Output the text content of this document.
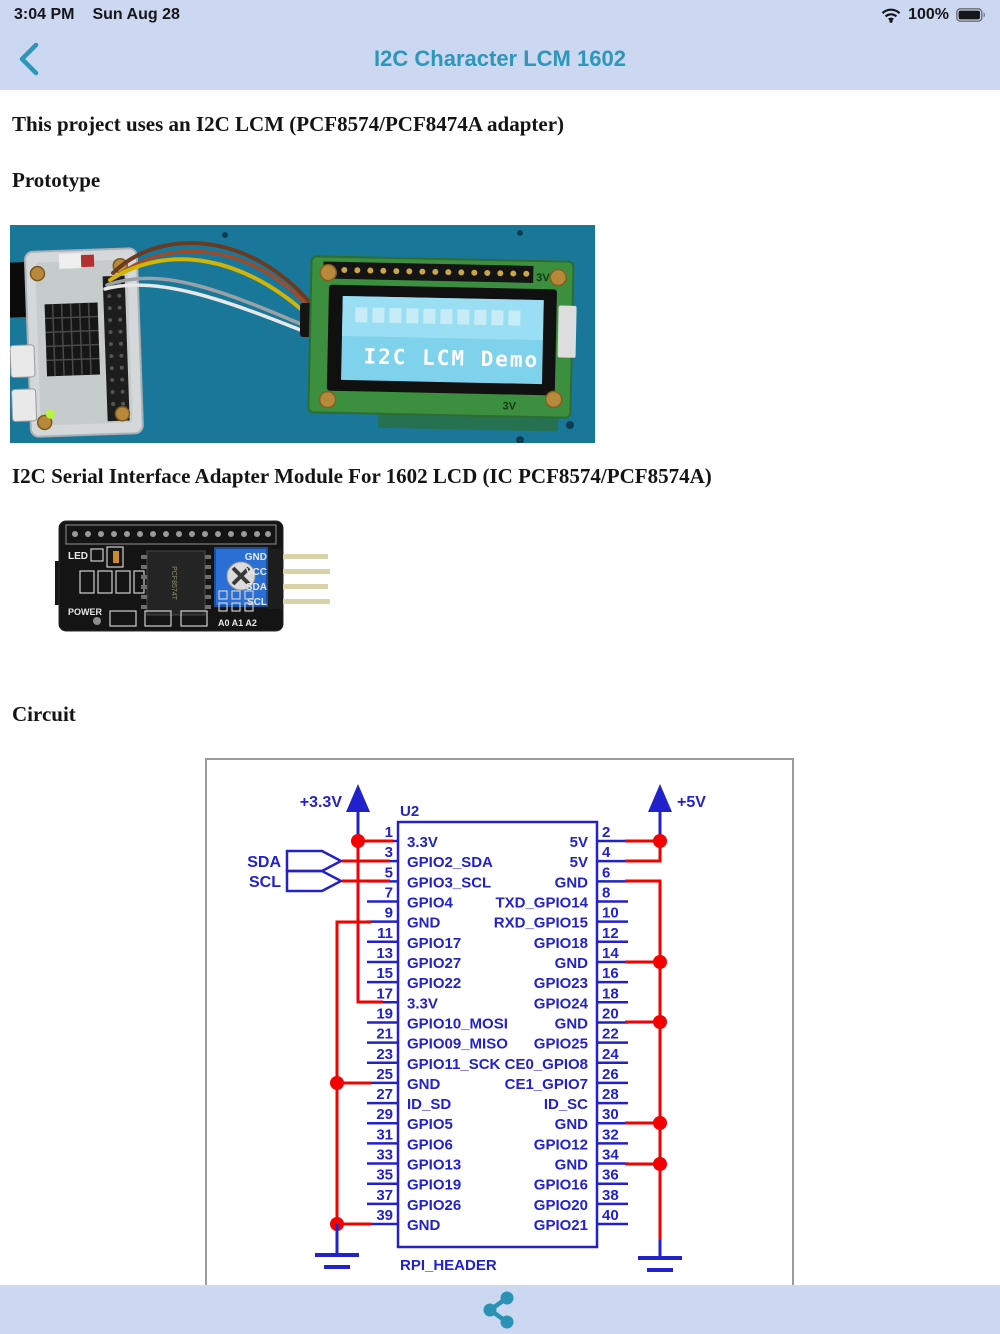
3:04 PM Sun Aug 28	100%
I2C Character LCM 1602
This project uses an I2C LCM (PCF8574/PCF8474A adapter)
Prototype
I2C Serial Interface Adapter Module For 1602 LCD (IC PCF8574/PCF8574A)
Circuit
I2C LCM Demo
3V
3V
LED
PCF8574T
GND
VCC
SDA
SCL
POWER
A0 A1 A2
U2
RPI_HEADER
1
3.3V
3
GPIO2_SDA
5
GPIO3_SCL
7
GPIO4
9
GND
11
GPIO17
13
GPIO27
15
GPIO22
17
3.3V
19
GPIO10_MOSI
21
GPIO09_MISO
23
GPIO11_SCK
25
GND
27
ID_SD
29
GPIO5
31
GPIO6
33
GPIO13
35
GPIO19
37
GPIO26
39
GND
2
5V
4
5V
6
GND
8
TXD_GPIO14
10
RXD_GPIO15
12
GPIO18
14
GND
16
GPIO23
18
GPIO24
20
GND
22
GPIO25
24
CE0_GPIO8
26
CE1_GPIO7
28
ID_SC
30
GND
32
GPIO12
34
GND
36
GPIO16
38
GPIO20
40
GPIO21
+3.3V	+5V
SDA
SCL
